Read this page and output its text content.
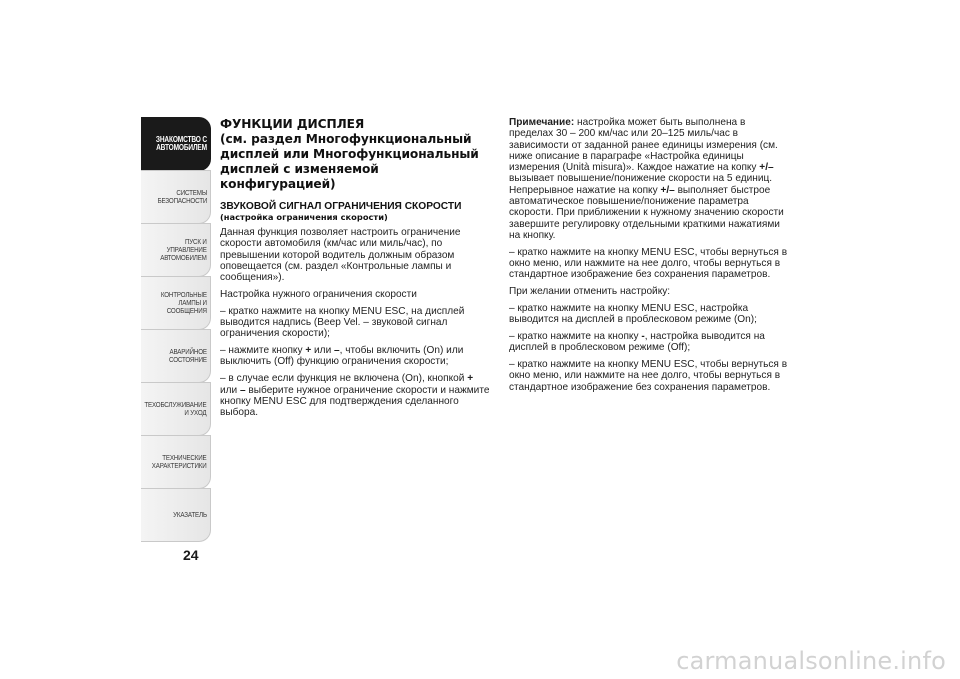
ЗНАКОМСТВО С
АВТОМОБИЛЕМ
СИСТЕМЫ
БЕЗОПАСНОСТИ
ПУСК И УПРАВЛЕНИЕ
АВТОМОБИЛЕМ
КОНТРОЛЬНЫЕ
ЛАМПЫ И
СООБЩЕНИЯ
АВАРИЙНОЕ
СОСТОЯНИЕ
ТЕХОБСЛУЖИВАНИЕ
И УХОД
ТЕХНИЧЕСКИЕ
ХАРАКТЕРИСТИКИ
УКАЗАТЕЛЬ
24
ФУНКЦИИ ДИСПЛЕЯ
(см. раздел Многофункциональный
дисплей или Многофункциональный
дисплей с изменяемой конфигурацией)
ЗВУКОВОЙ СИГНАЛ ОГРАНИЧЕНИЯ СКОРОСТИ
(настройка ограничения скорости)

Данная функция позволяет настроить ограничение скорости автомобиля (км/час или миль/час), по превышении которой водитель должным образом оповещается (см. раздел «Контрольные лампы и сообщения»).

Настройка нужного ограничения скорости

– кратко нажмите на кнопку MENU ESC, на дисплей выводится надпись (Beep Vel. – звуковой сигнал ограничения скорости);

– нажмите кнопку + или –, чтобы включить (On) или выключить (Off) функцию ограничения скорости;

– в случае если функция не включена (On), кнопкой + или – выберите нужное ограничение скорости и нажмите кнопку MENU ESC для подтверждения сделанного выбора.

Примечание: настройка может быть выполнена в пределах 30 – 200 км/час или 20–125 миль/час в зависимости от заданной ранее единицы измерения (см. ниже описание в параграфе «Настройка единицы измерения (Unità misura)». Каждое нажатие на копку +/– вызывает повышение/понижение скорости на 5 единиц. Непрерывное нажатие на копку +/– выполняет быстрое автоматическое повышение/понижение параметра скорости. При приближении к нужному значению скорости завершите регулировку отдельными краткими нажатиями на кнопку.

– кратко нажмите на кнопку MENU ESC, чтобы вернуться в окно меню, или нажмите на нее долго, чтобы вернуться в стандартное изображение без сохранения параметров.

При желании отменить настройку:

– кратко нажмите на кнопку MENU ESC, настройка выводится на дисплей в проблесковом режиме (On);

– кратко нажмите на кнопку -, настройка выводится на дисплей в проблесковом режиме (Off);

– кратко нажмите на кнопку MENU ESC, чтобы вернуться в окно меню, или нажмите на нее долго, чтобы вернуться в стандартное изображение без сохранения параметров.

carmanualsonline.info
